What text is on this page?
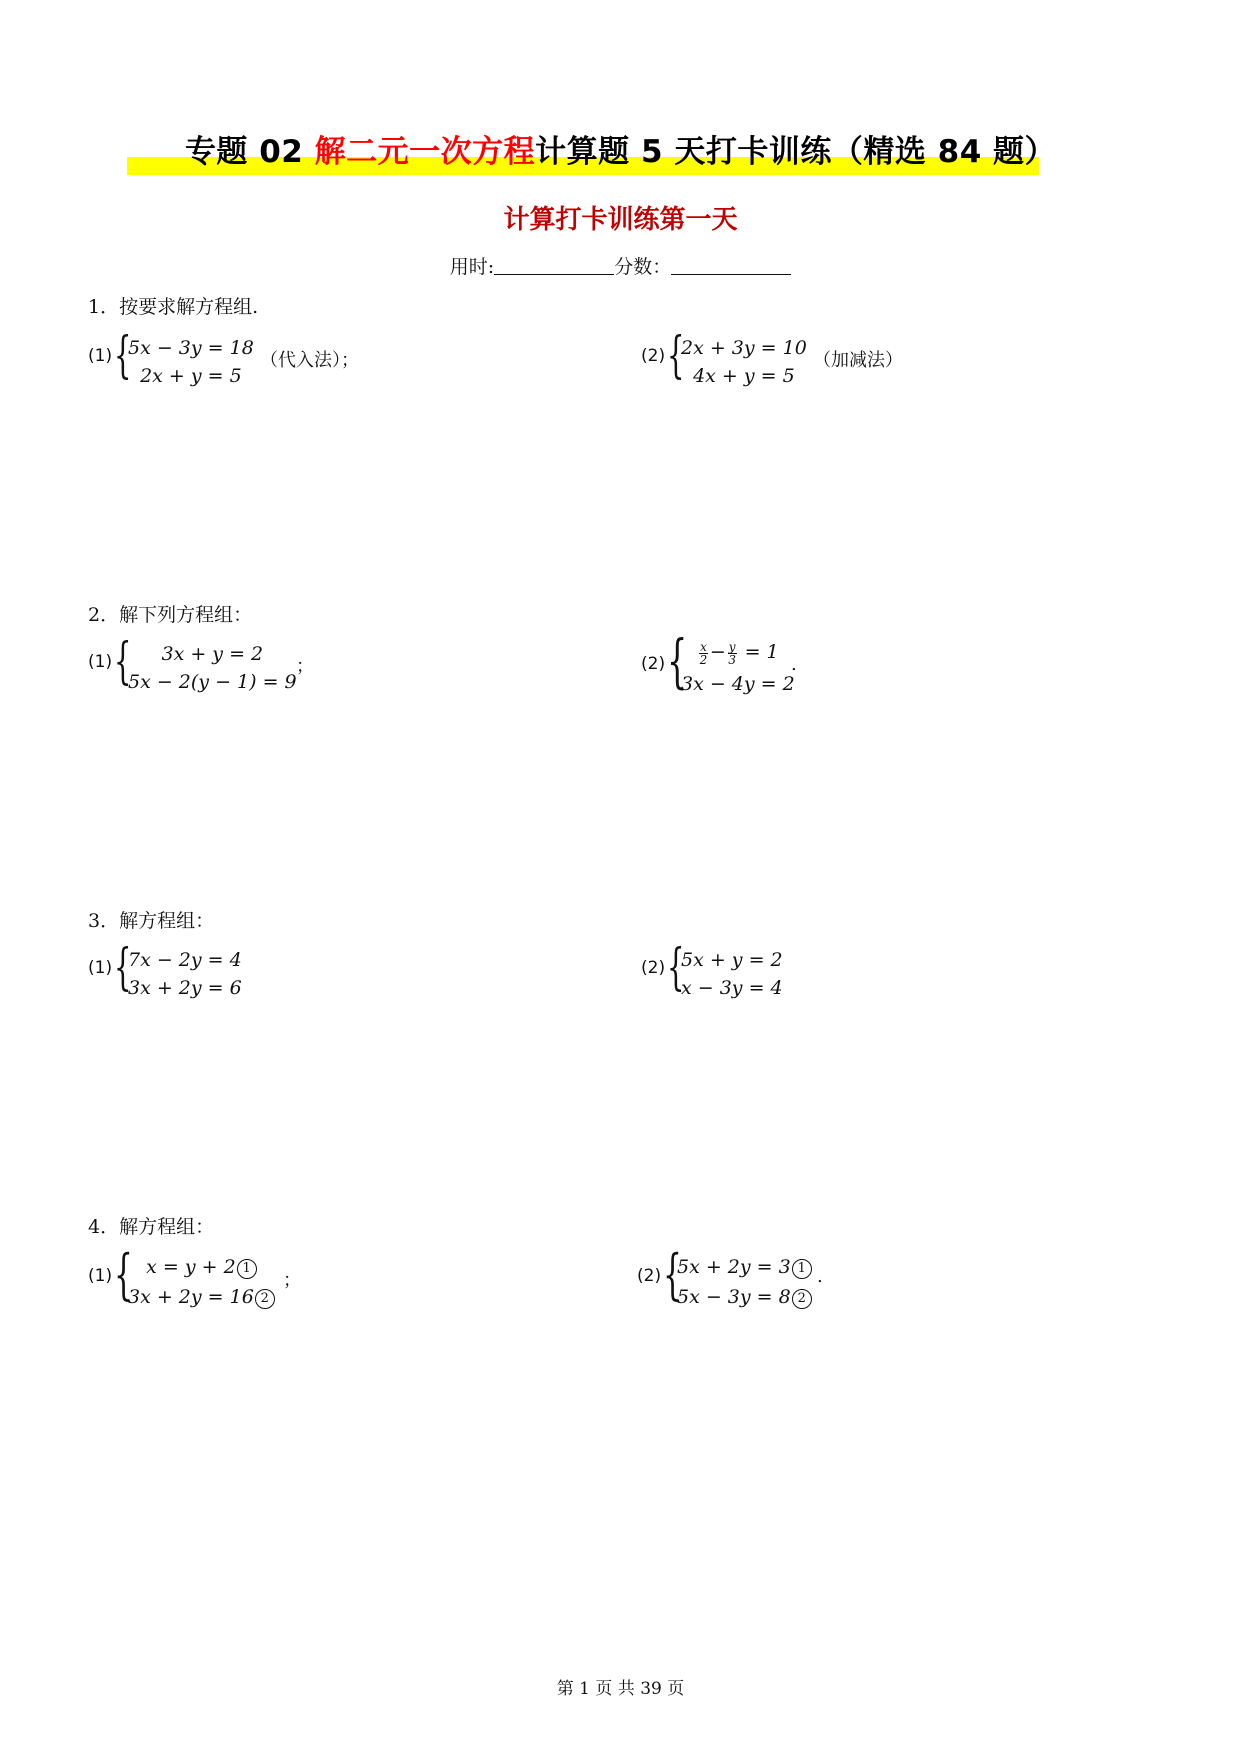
专题 02 解二元一次方程计算题 5 天打卡训练（精选 84 题）
计算打卡训练第一天
用时:	分数：
1．按要求解方程组.
(1) {
5x − 3y = 18
2x + y = 5
（代入法）；	(2) {
2x + 3y = 10
4x + y = 5
（加减法）
2．解下列方程组：
(1) {	3x + y = 2
5x − 2(y − 1) = 9
；	(2) { $\frac{x}{2} - \frac{y}{3} = 1$
3x − 4y = 2
.
3．解方程组：
(1) {
7x − 2y = 4
3x + 2y = 6
(2) {
5x + y = 2
x − 3y = 4
4．解方程组：
(1) { x = y + 2 1
3x + 2y = 16 2
；	(2) {
5x + 2y = 3 1
5x − 3y = 8 2
.
第 1 页 共 39 页
